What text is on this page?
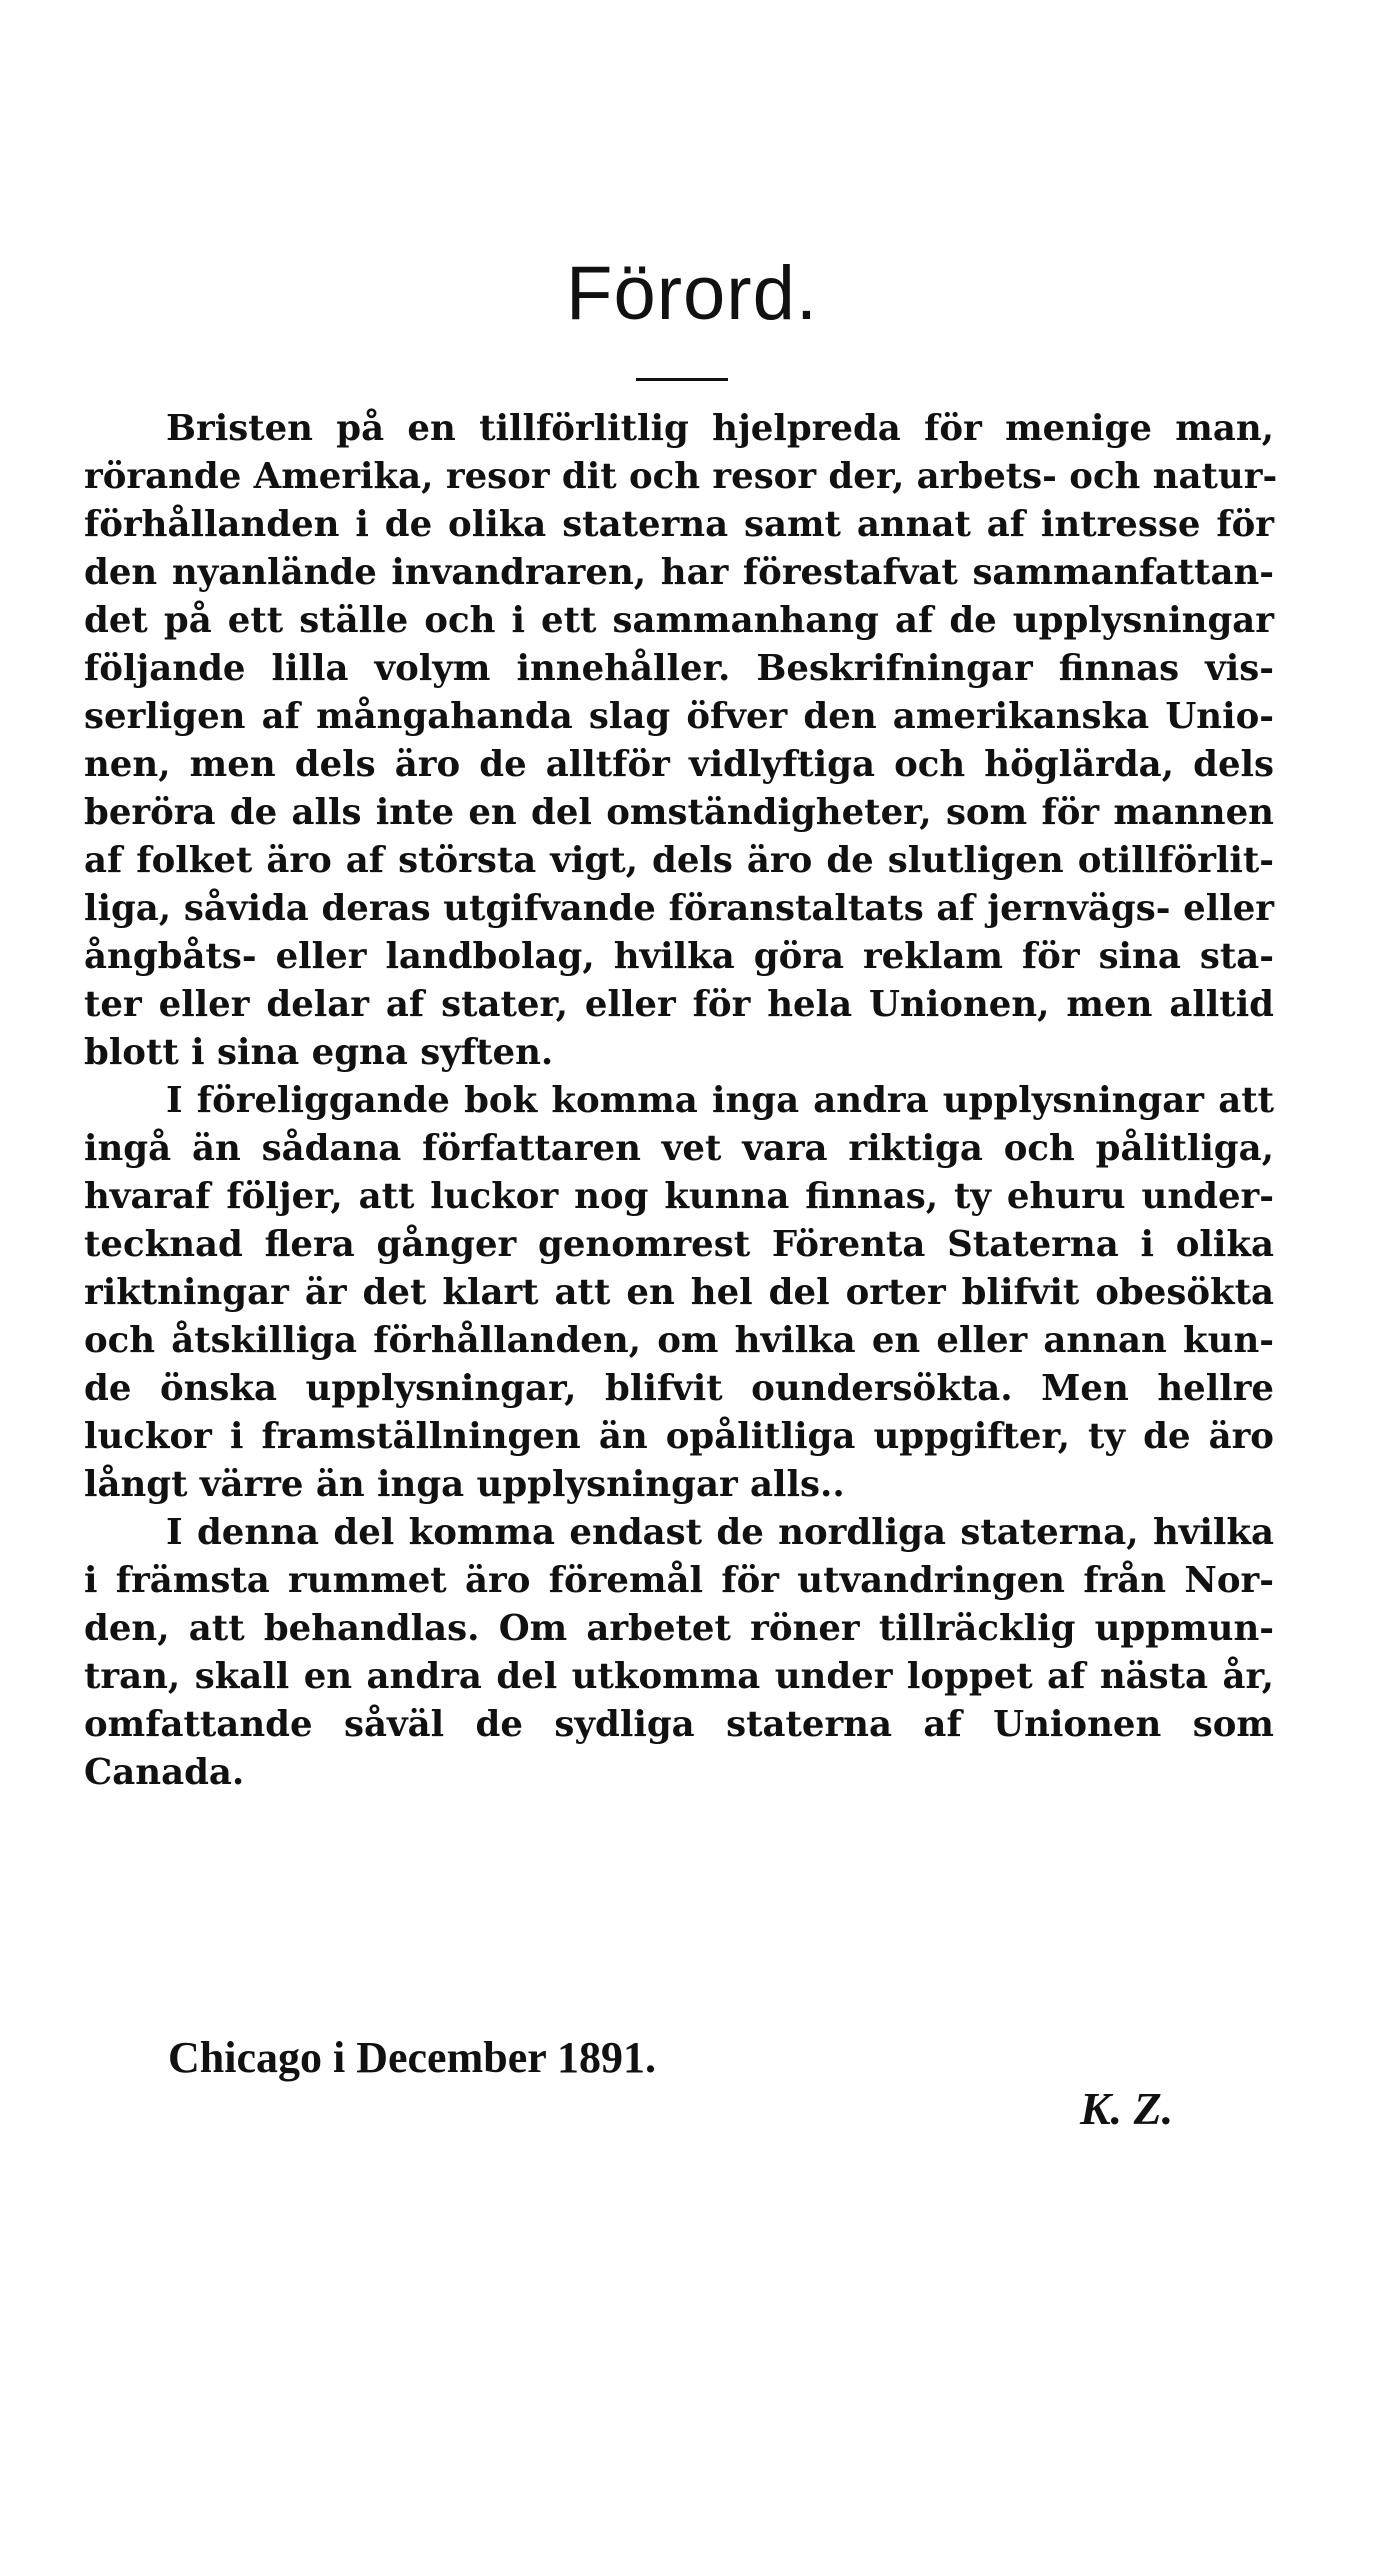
Förord.
Bristen på en tillförlitlig hjelpreda för menige man,
rörande Amerika, resor dit och resor der, arbets- och natur-
förhållanden i de olika staterna samt annat af intresse för
den nyanlände invandraren, har förestafvat sammanfattan-
det på ett ställe och i ett sammanhang af de upplysningar
följande lilla volym innehåller. Beskrifningar finnas vis-
serligen af mångahanda slag öfver den amerikanska Unio-
nen, men dels äro de alltför vidlyftiga och höglärda, dels
beröra de alls inte en del omständigheter, som för mannen
af folket äro af största vigt, dels äro de slutligen otillförlit-
liga, såvida deras utgifvande föranstaltats af jernvägs- eller
ångbåts- eller landbolag, hvilka göra reklam för sina sta-
ter eller delar af stater, eller för hela Unionen, men alltid
blott i sina egna syften.
I föreliggande bok komma inga andra upplysningar att
ingå än sådana författaren vet vara riktiga och pålitliga,
hvaraf följer, att luckor nog kunna finnas, ty ehuru under-
tecknad flera gånger genomrest Förenta Staterna i olika
riktningar är det klart att en hel del orter blifvit obesökta
och åtskilliga förhållanden, om hvilka en eller annan kun-
de önska upplysningar, blifvit oundersökta. Men hellre
luckor i framställningen än opålitliga uppgifter, ty de äro
långt värre än inga upplysningar alls..
I denna del komma endast de nordliga staterna, hvilka
i främsta rummet äro föremål för utvandringen från Nor-
den, att behandlas. Om arbetet röner tillräcklig uppmun-
tran, skall en andra del utkomma under loppet af nästa år,
omfattande såväl de sydliga staterna af Unionen som
Canada.

Chicago i December 1891.

K. Z.
